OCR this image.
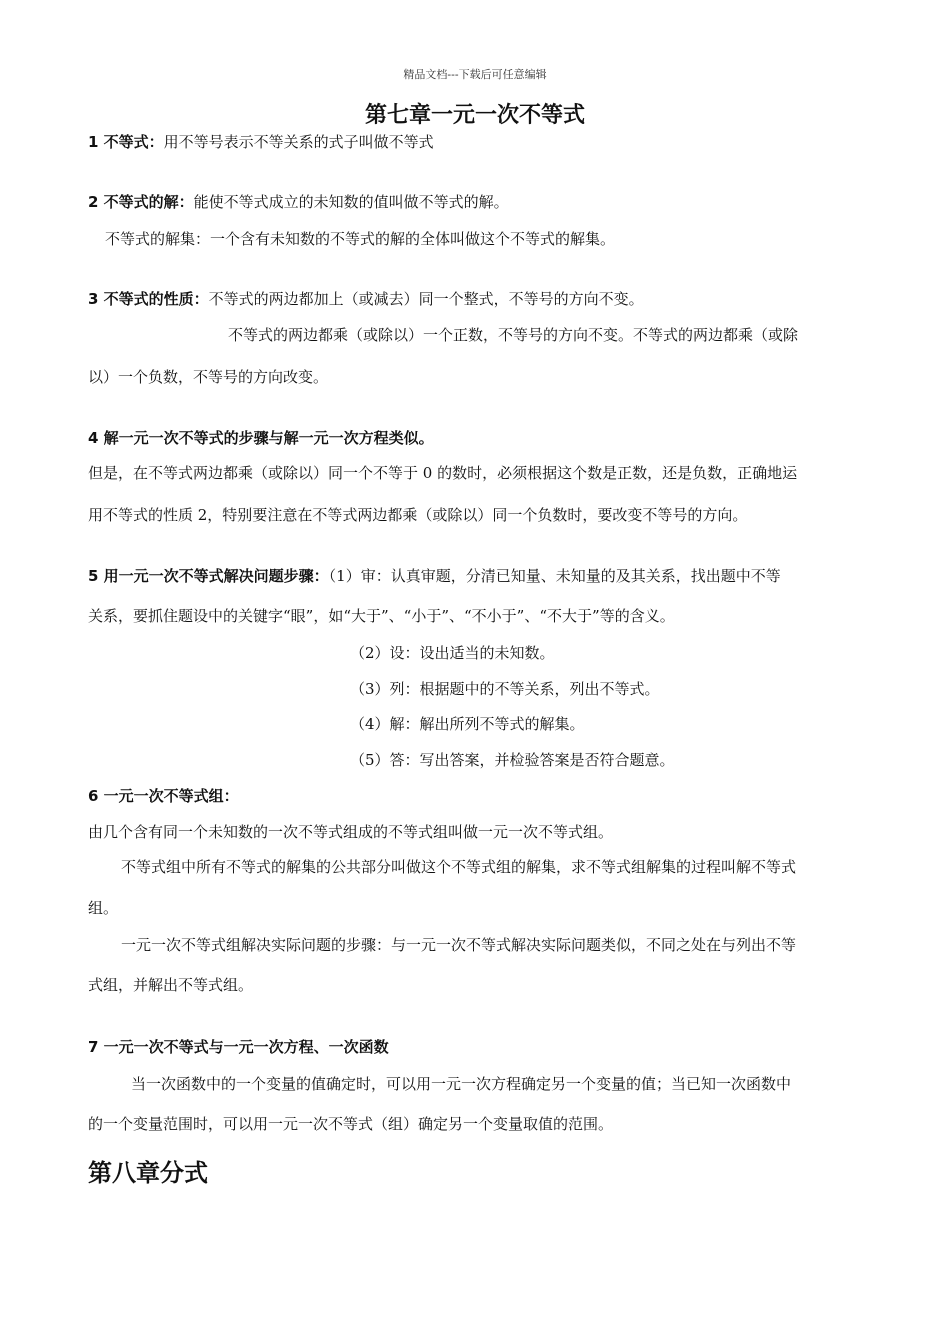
精品文档---下载后可任意编辑
第七章一元一次不等式
1 不等式：用不等号表示不等关系的式子叫做不等式
2 不等式的解：能使不等式成立的未知数的值叫做不等式的解。
不等式的解集：一个含有未知数的不等式的解的全体叫做这个不等式的解集。
3 不等式的性质：不等式的两边都加上（或减去）同一个整式，不等号的方向不变。
不等式的两边都乘（或除以）一个正数，不等号的方向不变。不等式的两边都乘（或除
以）一个负数，不等号的方向改变。
4 解一元一次不等式的步骤与解一元一次方程类似。
但是，在不等式两边都乘（或除以）同一个不等于 0 的数时，必须根据这个数是正数，还是负数，正确地运
用不等式的性质 2，特别要注意在不等式两边都乘（或除以）同一个负数时，要改变不等号的方向。
5 用一元一次不等式解决问题步骤：（1）审：认真审题，分清已知量、未知量的及其关系，找出题中不等
关系，要抓住题设中的关键字“眼”，如“大于”、“小于”、“不小于”、“不大于”等的含义。
（2）设：设出适当的未知数。
（3）列：根据题中的不等关系，列出不等式。
（4）解：解出所列不等式的解集。
（5）答：写出答案，并检验答案是否符合题意。
6 一元一次不等式组：
由几个含有同一个未知数的一次不等式组成的不等式组叫做一元一次不等式组。
不等式组中所有不等式的解集的公共部分叫做这个不等式组的解集，求不等式组解集的过程叫解不等式
组。
一元一次不等式组解决实际问题的步骤：与一元一次不等式解决实际问题类似，不同之处在与列出不等
式组，并解出不等式组。
7 一元一次不等式与一元一次方程、一次函数
当一次函数中的一个变量的值确定时，可以用一元一次方程确定另一个变量的值；当已知一次函数中
的一个变量范围时，可以用一元一次不等式（组）确定另一个变量取值的范围。
第八章分式
